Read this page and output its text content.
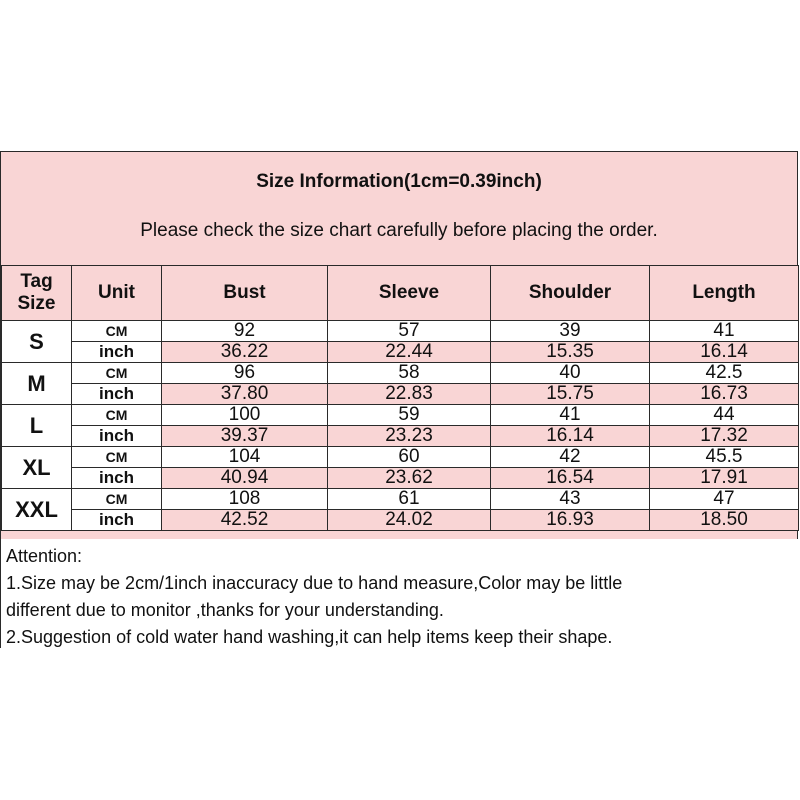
Size Information(1cm=0.39inch)
Please check the size chart carefully before placing the order.
Tag
Size	Unit	Bust	Sleeve	Shoulder	Length
S	CM	92	57	39	41
	inch	36.22	22.44	15.35	16.14
M	CM	96	58	40	42.5
	inch	37.80	22.83	15.75	16.73
L	CM	100	59	41	44
	inch	39.37	23.23	16.14	17.32
XL	CM	104	60	42	45.5
	inch	40.94	23.62	16.54	17.91
XXL	CM	108	61	43	47
	inch	42.52	24.02	16.93	18.50
Attention:
1.Size may be 2cm/1inch inaccuracy due to hand measure,Color may be little
different due to monitor ,thanks for your understanding.
2.Suggestion of cold water hand washing,it can help items keep their shape.
